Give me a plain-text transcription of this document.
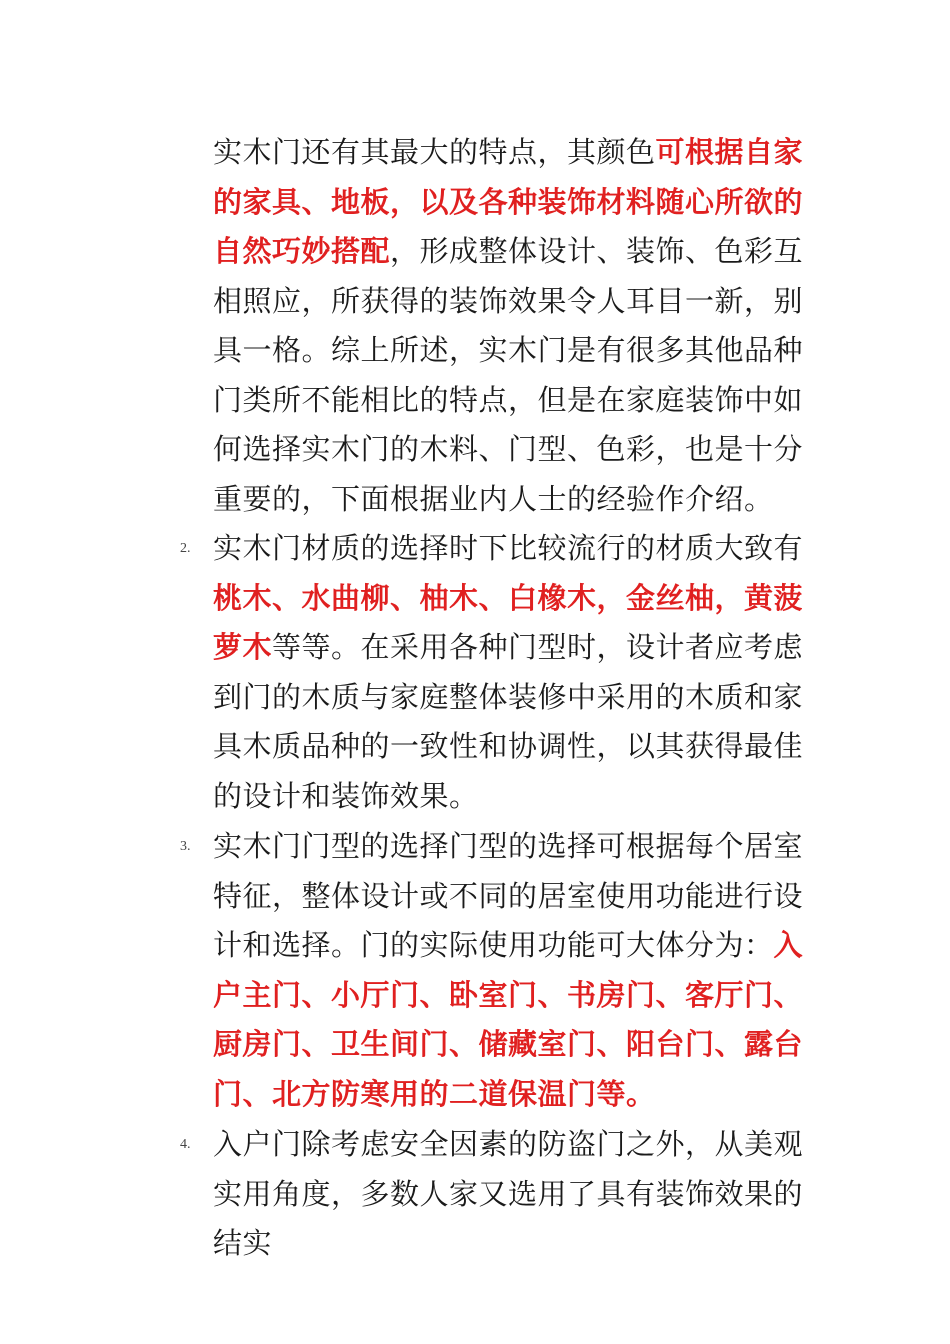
实木门还有其最大的特点，其颜色可根据自家的家具、地板，以及各种装饰材料随心所欲的自然巧妙搭配，形成整体设计、装饰、色彩互相照应，所获得的装饰效果令人耳目一新，别具一格。综上所述，实木门是有很多其他品种门类所不能相比的特点，但是在家庭装饰中如何选择实木门的木料、门型、色彩，也是十分重要的，下面根据业内人士的经验作介绍。
2. 实木门材质的选择时下比较流行的材质大致有桃木、水曲柳、柚木、白橡木，金丝柚，黄菠萝木等等。在采用各种门型时，设计者应考虑到门的木质与家庭整体装修中采用的木质和家具木质品种的一致性和协调性，以其获得最佳的设计和装饰效果。
3. 实木门门型的选择门型的选择可根据每个居室特征，整体设计或不同的居室使用功能进行设计和选择。门的实际使用功能可大体分为：入户主门、小厅门、卧室门、书房门、客厅门、厨房门、卫生间门、储藏室门、阳台门、露台门、北方防寒用的二道保温门等。
4. 入户门除考虑安全因素的防盗门之外，从美观实用角度，多数人家又选用了具有装饰效果的结实
